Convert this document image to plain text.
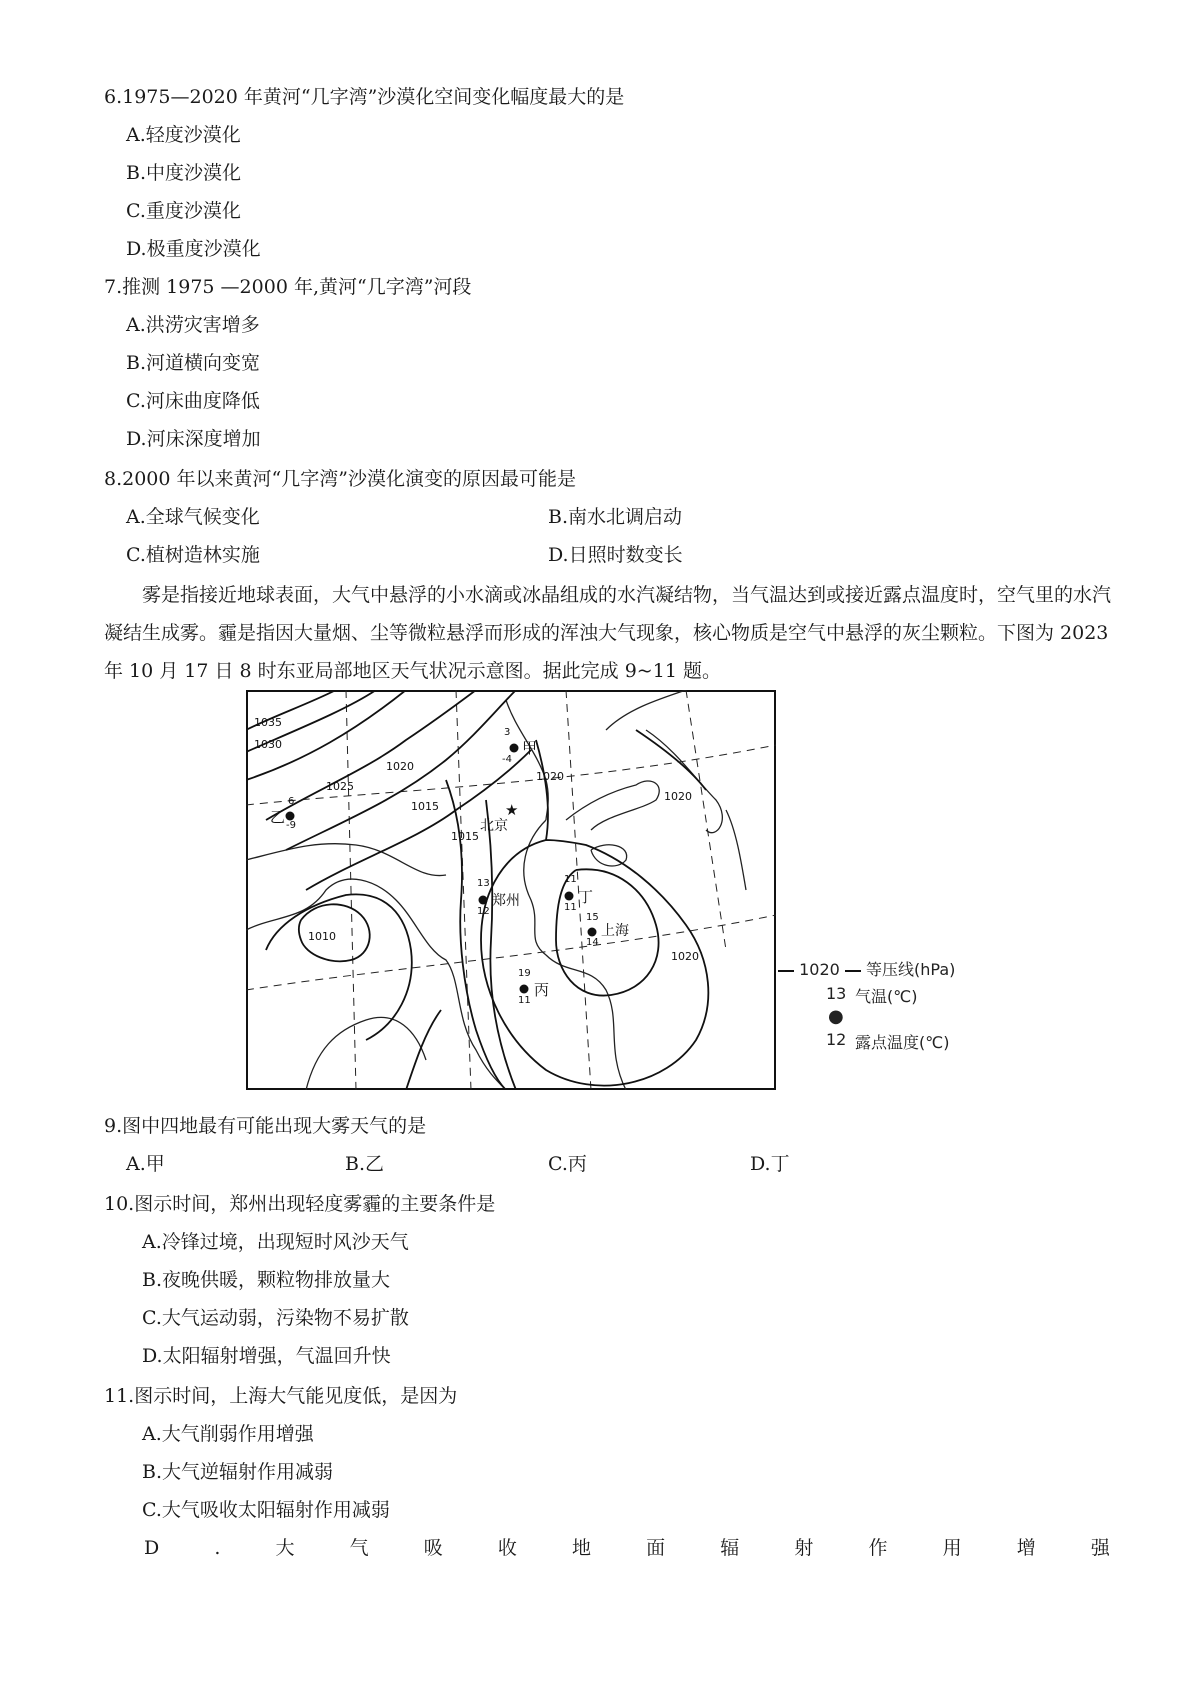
6.1975—2020 年黄河“几字湾”沙漠化空间变化幅度最大的是
A.轻度沙漠化
B.中度沙漠化
C.重度沙漠化
D.极重度沙漠化
7.推测 1975 —2000 年,黄河“几字湾”河段
A.洪涝灾害增多
B.河道横向变宽
C.河床曲度降低
D.河床深度增加
8.2000 年以来黄河“几字湾”沙漠化演变的原因最可能是
A.全球气候变化	B.南水北调启动
C.植树造林实施	D.日照时数变长
雾是指接近地球表面，大气中悬浮的小水滴或冰晶组成的水汽凝结物，当气温达到或接近露点温度时，空气里的水汽凝结生成雾。霾是指因大量烟、尘等微粒悬浮而形成的浑浊大气现象，核心物质是空气中悬浮的灰尘颗粒。下图为 2023 年 10 月 17 日 8 时东亚局部地区天气状况示意图。据此完成 9~11 题。
1035
1030
1025
1020
1015
1020
1015
1020
1020
1010
3
-4
甲
6
-9
乙	★
北京
13
12
郑州
11
11
丁
15
14
上海
19
11
丙
1020 等压线(hPa)
13 气温(℃)
●
12 露点温度(℃)
9.图中四地最有可能出现大雾天气的是
A.甲	B.乙	C.丙	D.丁
10.图示时间，郑州出现轻度雾霾的主要条件是
A.冷锋过境，出现短时风沙天气
B.夜晚供暖，颗粒物排放量大
C.大气运动弱，污染物不易扩散
D.太阳辐射增强，气温回升快
11.图示时间，上海大气能见度低，是因为
A.大气削弱作用增强
B.大气逆辐射作用减弱
C.大气吸收太阳辐射作用减弱
D	.	大	气	吸	收	地	面	辐	射	作	用	增	强
